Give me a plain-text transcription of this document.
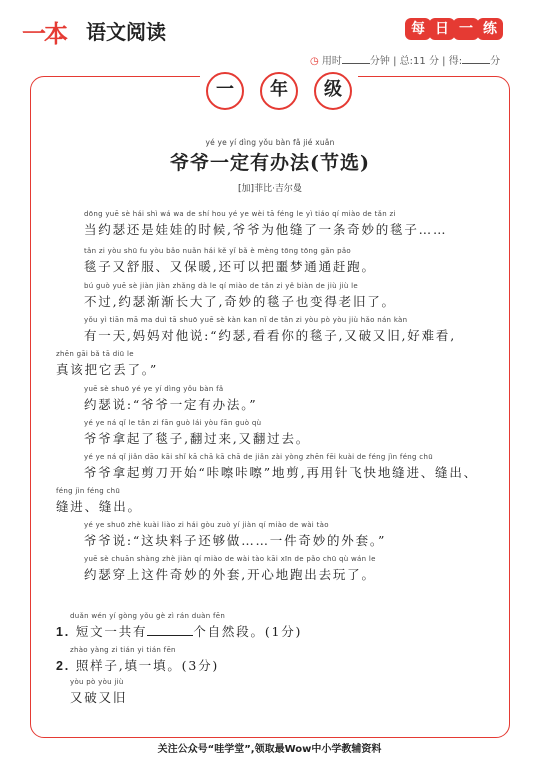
一本 语文阅读	每 日 一 练
◷ 用时	分钟 | 总:11 分 | 得:	分
一	年	级
yé ye yí dìng yǒu bàn fǎ jié xuǎn
爷爷一定有办法(节选)
[加]菲比·吉尔曼
dōng yuē sè hái shì wá wa de shí hou yé ye wèi tā féng le yì tiáo qí miào de tǎn zi
当约瑟还是娃娃的时候,爷爷为他缝了一条奇妙的毯子……
tǎn zi yòu shū fu yòu bǎo nuǎn hái kě yǐ bǎ è mèng tōng tōng gǎn pǎo
毯子又舒服、又保暖,还可以把噩梦通通赶跑。
bú guò yuē sè jiàn jiàn zhǎng dà le qí miào de tǎn zi yě biàn de jiù jiù le
不过,约瑟渐渐长大了,奇妙的毯子也变得老旧了。
yǒu yì tiān mā ma duì tā shuō yuē sè kàn kan nǐ de tǎn zi yòu pò yòu jiù hǎo nán kàn
有一天,妈妈对他说:“约瑟,看看你的毯子,又破又旧,好难看,
zhēn gāi bǎ tā diū le
真该把它丢了。”
yuē sè shuō yé ye yí dìng yǒu bàn fǎ
约瑟说:“爷爷一定有办法。”
yé ye ná qǐ le tǎn zi fān guò lái yòu fān guò qù
爷爷拿起了毯子,翻过来,又翻过去。
yé ye ná qǐ jiǎn dāo kāi shǐ kā chā kā chā de jiǎn zài yòng zhēn fēi kuài de féng jìn féng chū
爷爷拿起剪刀开始“咔嚓咔嚓”地剪,再用针飞快地缝进、缝出、
féng jìn féng chū
缝进、缝出。
yé ye shuō zhè kuài liào zi hái gòu zuò yí jiàn qí miào de wài tào
爷爷说:“这块料子还够做……一件奇妙的外套。”
yuē sè chuān shàng zhè jiàn qí miào de wài tào kāi xīn de pǎo chū qù wán le
约瑟穿上这件奇妙的外套,开心地跑出去玩了。
duǎn wén yí gòng yǒu gè zì rán duàn fēn
1. 短文一共有	个自然段。(1分)
zhào yàng zi tián yi tián fēn
2. 照样子,填一填。(3分)
yòu pò yòu jiù
又破又旧
关注公众号“哇学堂”,领取最Wow中小学教辅资料
